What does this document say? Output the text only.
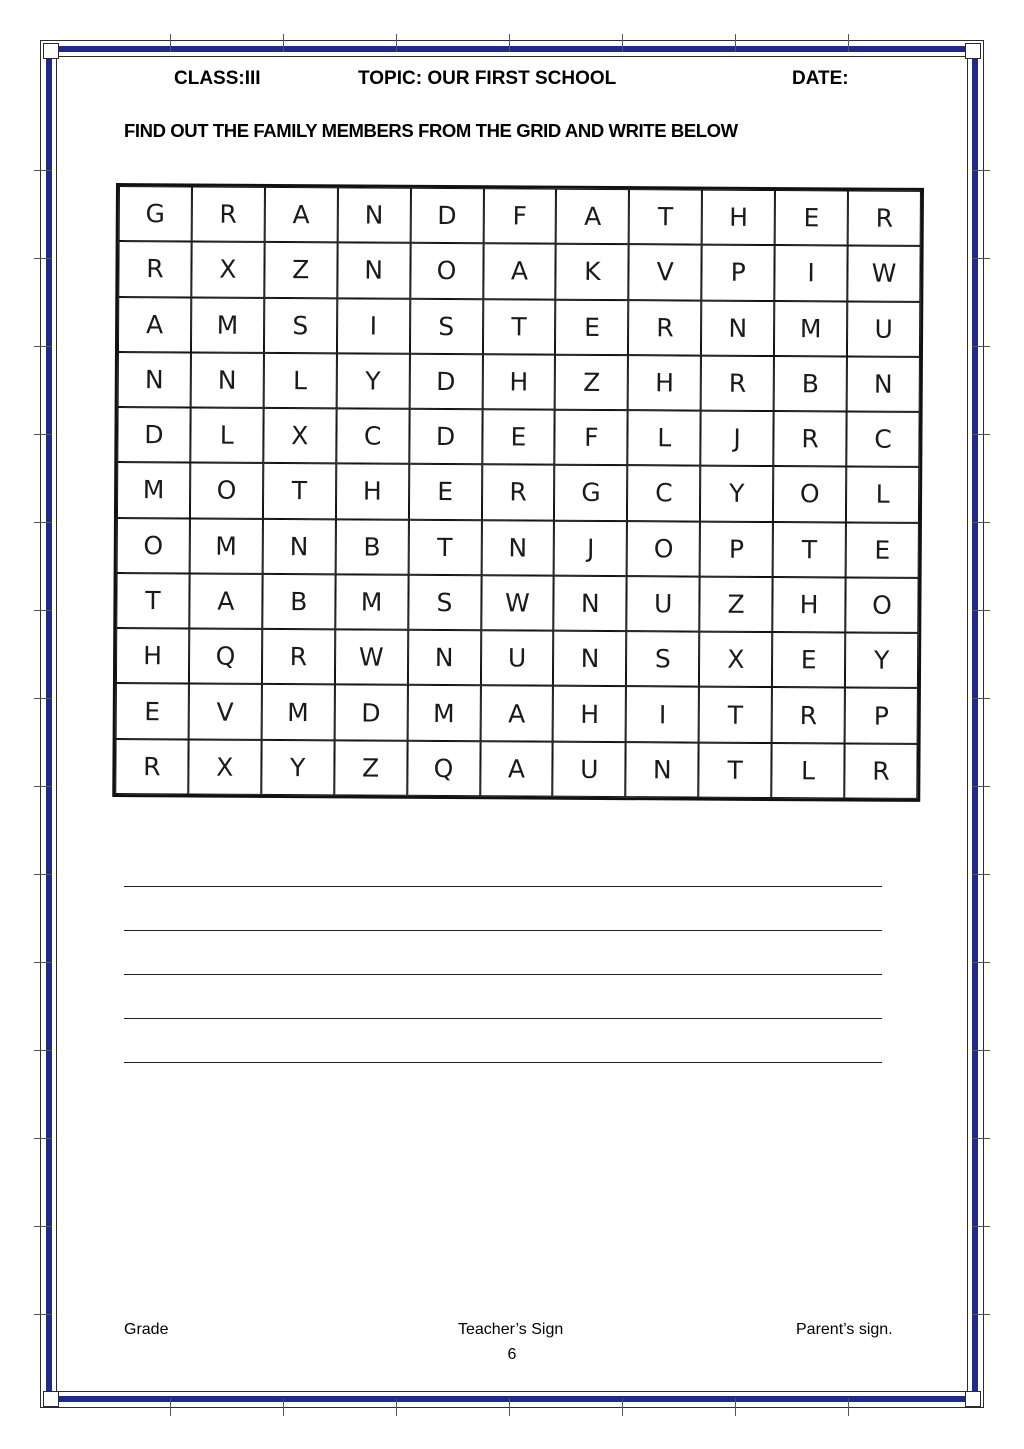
CLASS:III	TOPIC: OUR FIRST SCHOOL	DATE:
FIND OUT THE FAMILY MEMBERS FROM THE GRID AND WRITE BELOW
G	R	A	N	D	F	A	T	H	E	R
R	X	Z	N	O	A	K	V	P	I	W
A	M	S	I	S	T	E	R	N	M	U
N	N	L	Y	D	H	Z	H	R	B	N
D	L	X	C	D	E	F	L	J	R	C
M	O	T	H	E	R	G	C	Y	O	L
O	M	N	B	T	N	J	O	P	T	E
T	A	B	M	S	W	N	U	Z	H	O
H	Q	R	W	N	U	N	S	X	E	Y
E	V	M	D	M	A	H	I	T	R	P
R	X	Y	Z	Q	A	U	N	T	L	R
Grade	Teacher’s Sign	Parent’s sign.
6
